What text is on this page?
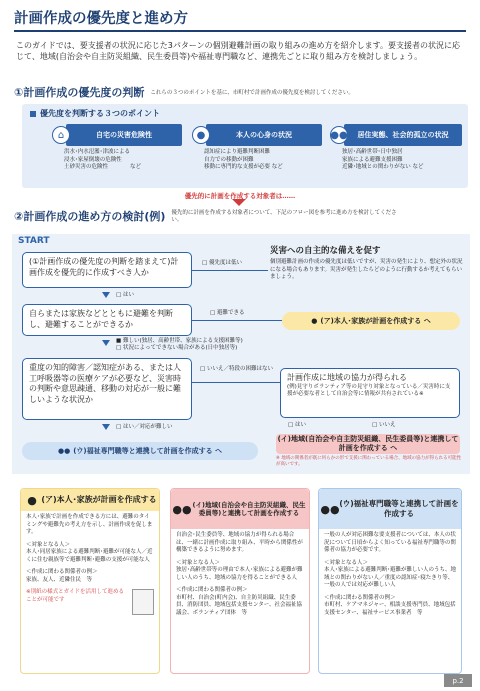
計画作成の優先度と進め方
このガイドでは、要支援者の状況に応じた3パターンの個別避難計画の取り組みの進め方を紹介します。要支援者の状況に応じて、地域(自治会や自主防災組織、民生委員等)や福祉専門職など、連携先ごとに取り組み方を検討しましょう。
①計画作成の優先度の判断 これらの３つのポイントを基に、市町村で計画作成の優先度を検討してください。
優先度を判断する３つのポイント
⌂	自宅の災害危険性
洪水･内水氾濫･津波による
浸水･家屋倒壊の危険性
土砂災害の危険性　　　　など
●	本人の心身の状況
認知症により避難判断困難
自力での移動が困難
移動に専門的な支援が必要 など
●●	居住実態、社会的孤立の状況
独居･高齢世帯･日中独居
家族による避難支援困難
近隣･地域との関わりがない など
優先的に計画を作成する対象者は……
②計画作成の進め方の検討(例) 優先的に計画を作成する対象者について、下記のフロー図を参考に進め方を検討してください。
START
(①計画作成の優先度の判断を踏まえて)計画作成を優先的に作成すべき人か
□ 優先度は低い
災害への自主的な備えを促す
個別避難計画の作成の優先度は低いですが、災害の発生により、想定外の状況になる場合もあります。災害が発生したらどのように行動するか考えてもらいましょう。
□ はい
自らまたは家族などとともに避難を判断し、避難することができるか
□ 避難できる
● (ア)本人･家族が計画を作成する へ
■ 難しい(独居、高齢世帯、家族による支援困難等)
□ 状況によってできない場合がある(日中独居等)
重度の知的障害／認知症がある、または人工呼吸器等の医療ケアが必要など、災害時の判断や意思疎通、移動の対応が一般に難しいような状況か
□ いいえ／特段の困難はない
計画作成に地域の協力が得られる
(例)見守りボランティア等の見守り対象となっている／災害時に支援が必要な者として自治会等に情報が共有されている※
□ はい／対応が難しい	□ はい	□ いいえ
●● (ウ)福祉専門職等と連携して計画を作成する へ
(イ)地域(自治会や自主防災組織、民生委員等)と連携して計画を作成する へ
※ 地域の関係者が既に何らかの形で支援に関わっている場合、地域の協力が得られる可能性が高いです。
● (ア)本人･家族が計画を作成する

本人･家族で計画を作成できる方には、避難のタイミングや避難先の考え方を示し、計画作成を促します。

＜対象となる人＞

本人･同居家族による避難判断･避難が可能な人／近くに住む親族等で避難判断･避難の支援が可能な人

＜作成に関わる関係者の例＞

家族、友人、近隣住民　等

※別紙の様式とガイドを活用して進めることが可能です
●● (イ)地域(自治会や自主防災組織、民生委員等)と連携して計画を作成する

自治会･民生委員等、地域の協力が得られる場合は、一緒に計画作成に取り組み、平時から関係性が構築できるように努めます。

＜対象となる人＞

独居･高齢世帯等の理由で本人･家族による避難が難しい人のうち、地域の協力を得ることができる人

＜作成に関わる関係者の例＞

市町村、自治会(町内会)、自主防災組織、民生委員、消防団員、地域包括支援センター、社会福祉協議会、ボランティア団体　等

●● (ウ)福祉専門職等と連携して計画を作成する

一般の人が対応困難な要支援者については、本人の状況について日頃からよく知っている福祉専門職等の関係者の協力が必要です。

＜対象となる人＞

本人･家族による避難判断･避難が難しい人のうち、地域との関わりがない人／重度の認知症･寝たきり等、一般の人では対応が難しい人

＜作成に関わる関係者の例＞

市町村、ケアマネジャー、相談支援専門員、地域包括支援センター、福祉サービス事業者　等

p.2
